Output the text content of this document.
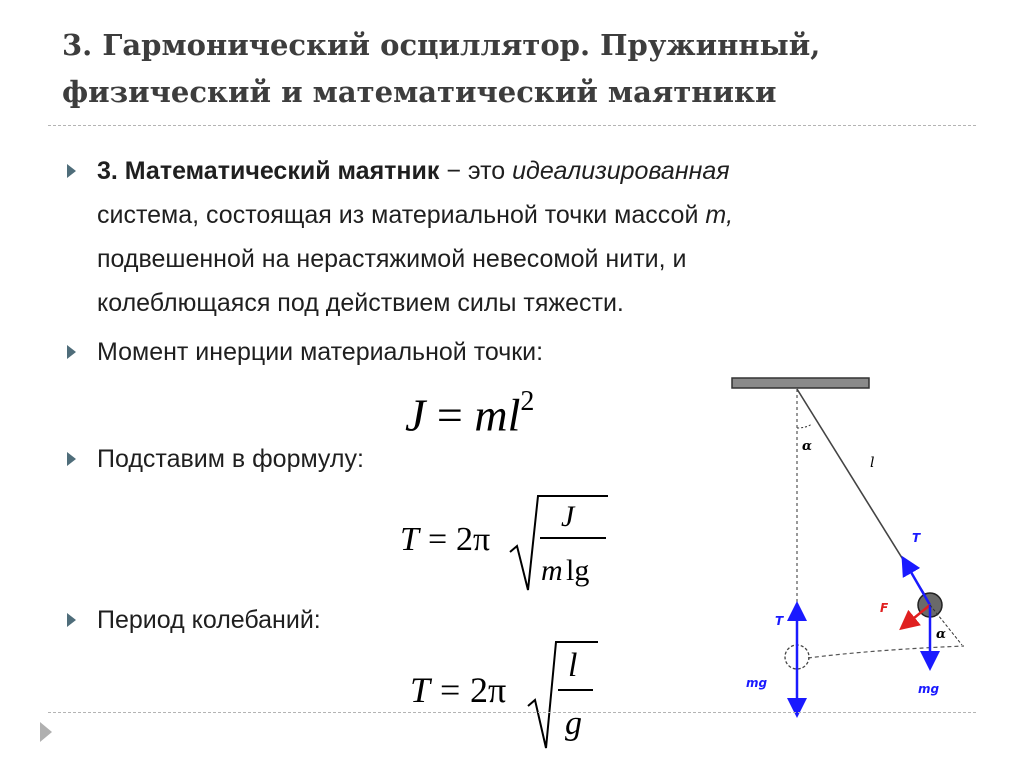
3. Гармонический осциллятор. Пружинный,
физический и математический маятники
3. Математический маятник − это идеализированная
система, состоящая из материальной точки массой m,
подвешенной на нерастяжимой невесомой нити, и
колеблющаяся под действием силы тяжести.
Момент инерции материальной точки:
$J = ml^2$
Подставим в формулу:
T = 2π
J
m lg
Период колебаний:
T = 2π
l
g
α
l
T
mg
T
F
α
mg
